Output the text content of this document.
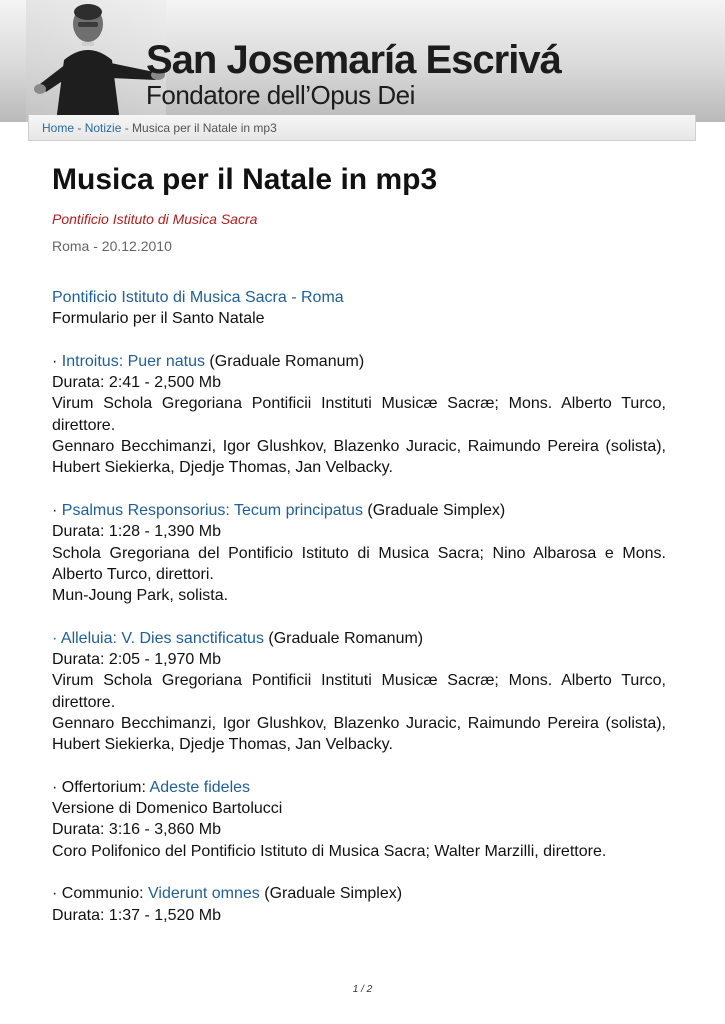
San Josemaría Escrivá
Fondatore dell’Opus Dei
Home - Notizie - Musica per il Natale in mp3
Musica per il Natale in mp3
Pontificio Istituto di Musica Sacra
Roma - 20.12.2010

Pontificio Istituto di Musica Sacra - Roma
Formulario per il Santo Natale

· Introitus: Puer natus (Graduale Romanum)
Durata: 2:41 - 2,500 Mb
Virum Schola Gregoriana Pontificii Instituti Musicæ Sacræ; Mons. Alberto Turco, direttore.
Gennaro Becchimanzi, Igor Glushkov, Blazenko Juracic, Raimundo Pereira (solista), Hubert Siekierka, Djedje Thomas, Jan Velbacky.

· Psalmus Responsorius: Tecum principatus (Graduale Simplex)
Durata: 1:28 - 1,390 Mb
Schola Gregoriana del Pontificio Istituto di Musica Sacra; Nino Albarosa e Mons. Alberto Turco, direttori.
Mun-Joung Park, solista.

· Alleluia: V. Dies sanctificatus (Graduale Romanum)
Durata: 2:05 - 1,970 Mb
Virum Schola Gregoriana Pontificii Instituti Musicæ Sacræ; Mons. Alberto Turco, direttore.
Gennaro Becchimanzi, Igor Glushkov, Blazenko Juracic, Raimundo Pereira (solista), Hubert Siekierka, Djedje Thomas, Jan Velbacky.

· Offertorium: Adeste fideles
Versione di Domenico Bartolucci
Durata: 3:16 - 3,860 Mb
Coro Polifonico del Pontificio Istituto di Musica Sacra; Walter Marzilli, direttore.

· Communio: Viderunt omnes (Graduale Simplex)
Durata: 1:37 - 1,520 Mb

1 / 2
